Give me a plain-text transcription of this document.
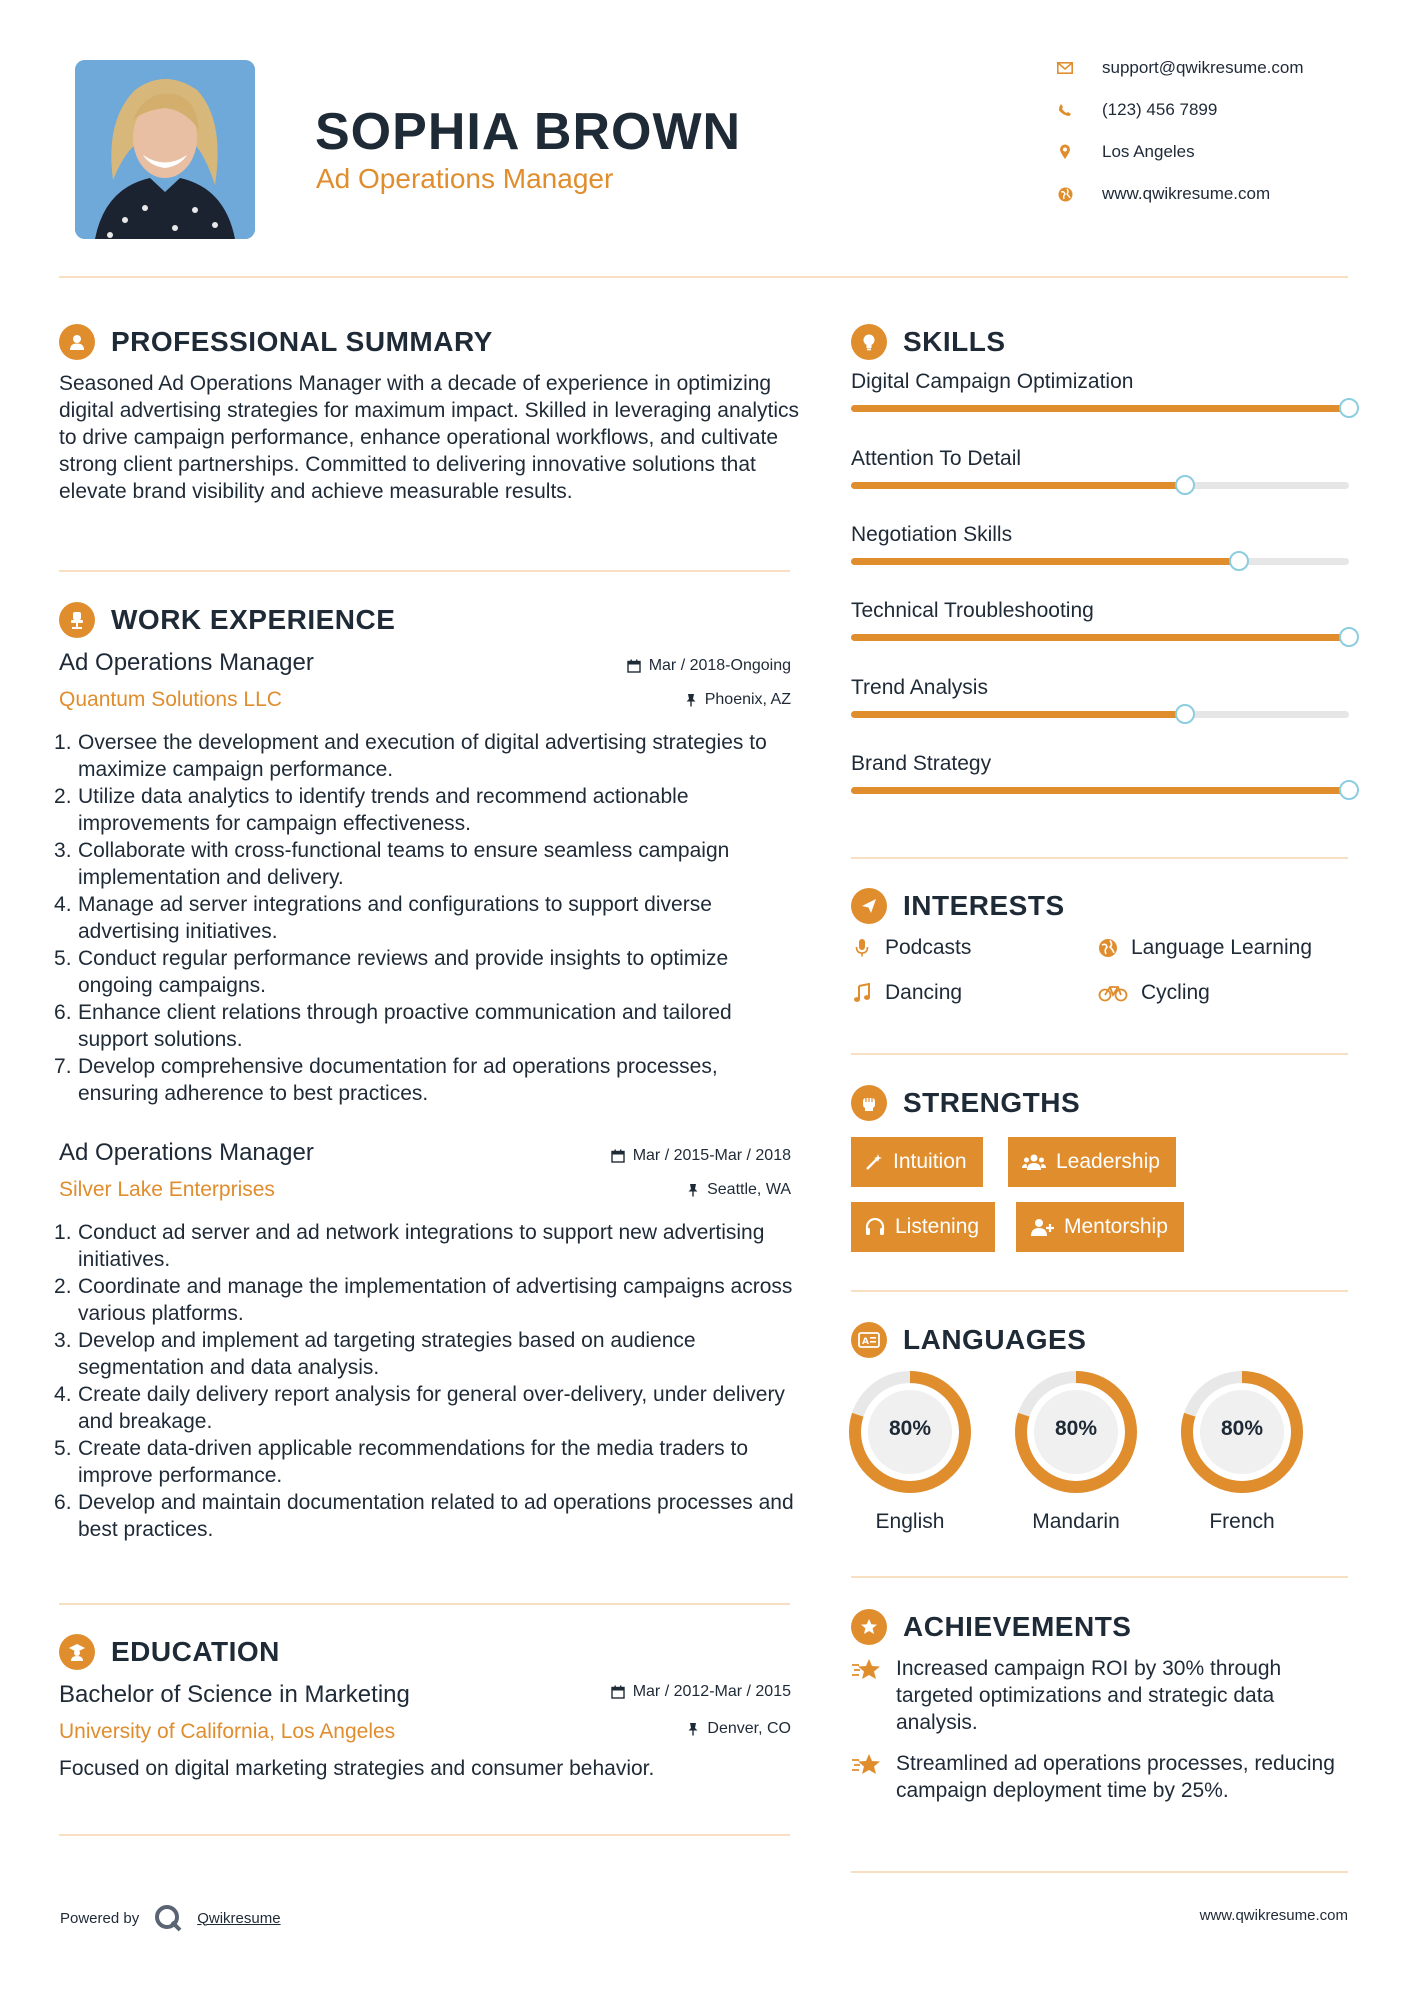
SOPHIA BROWN
Ad Operations Manager
support@qwikresume.com
(123) 456 7899
Los Angeles
www.qwikresume.com
PROFESSIONAL SUMMARY
Seasoned Ad Operations Manager with a decade of experience in optimizing digital advertising strategies for maximum impact. Skilled in leveraging analytics to drive campaign performance, enhance operational workflows, and cultivate strong client partnerships. Committed to delivering innovative solutions that elevate brand visibility and achieve measurable results.
WORK EXPERIENCE
Ad Operations Manager
Quantum Solutions LLC
Mar / 2018-Ongoing
Phoenix, AZ
Oversee the development and execution of digital advertising strategies to maximize campaign performance.
Utilize data analytics to identify trends and recommend actionable improvements for campaign effectiveness.
Collaborate with cross-functional teams to ensure seamless campaign implementation and delivery.
Manage ad server integrations and configurations to support diverse advertising initiatives.
Conduct regular performance reviews and provide insights to optimize ongoing campaigns.
Enhance client relations through proactive communication and tailored support solutions.
Develop comprehensive documentation for ad operations processes, ensuring adherence to best practices.
Ad Operations Manager
Silver Lake Enterprises
Mar / 2015-Mar / 2018
Seattle, WA
Conduct ad server and ad network integrations to support new advertising initiatives.
Coordinate and manage the implementation of advertising campaigns across various platforms.
Develop and implement ad targeting strategies based on audience segmentation and data analysis.
Create daily delivery report analysis for general over-delivery, under delivery and breakage.
Create data-driven applicable recommendations for the media traders to improve performance.
Develop and maintain documentation related to ad operations processes and best practices.
EDUCATION
Bachelor of Science in Marketing
University of California, Los Angeles
Mar / 2012-Mar / 2015
Denver, CO
Focused on digital marketing strategies and consumer behavior.
SKILLS
Digital Campaign Optimization
Attention To Detail
Negotiation Skills
Technical Troubleshooting
Trend Analysis
Brand Strategy
INTERESTS
Podcasts	Language Learning
Dancing	Cycling
STRENGTHS
Intuition	Leadership
Listening	Mentorship
A LANGUAGES
80%
English
80%
Mandarin
80%
French
ACHIEVEMENTS
Increased campaign ROI by 30% through targeted optimizations and strategic data analysis.
Streamlined ad operations processes, reducing campaign deployment time by 25%.
Powered by	Qwikresume	www.qwikresume.com
